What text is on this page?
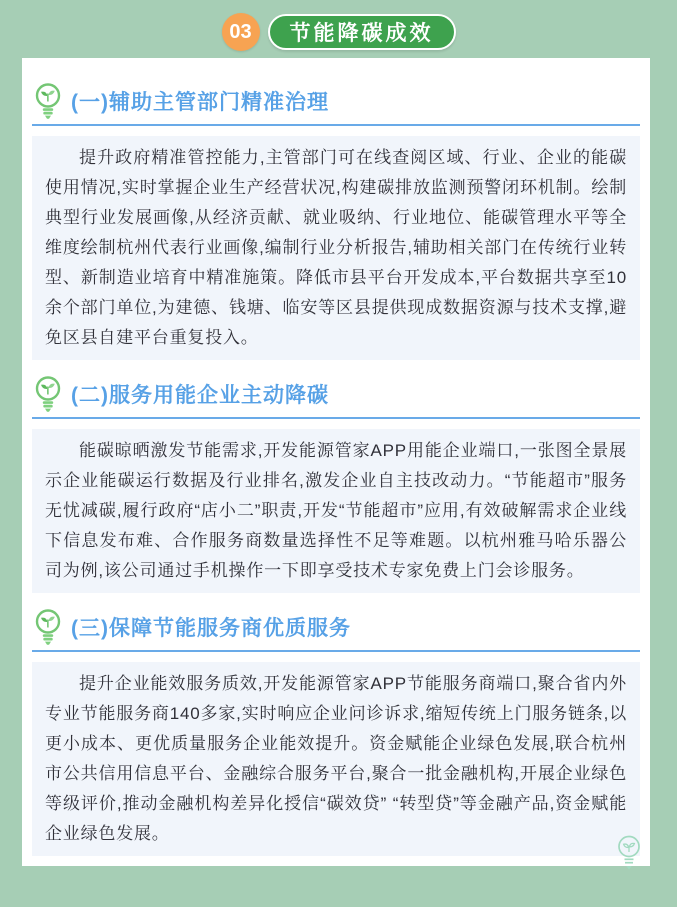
03	节能降碳成效
(一)辅助主管部门精准治理

提升政府精准管控能力,主管部门可在线查阅区域、行业、企业的能碳使用情况,实时掌握企业生产经营状况,构建碳排放监测预警闭环机制。绘制典型行业发展画像,从经济贡献、就业吸纳、行业地位、能碳管理水平等全维度绘制杭州代表行业画像,编制行业分析报告,辅助相关部门在传统行业转型、新制造业培育中精准施策。降低市县平台开发成本,平台数据共享至10余个部门单位,为建德、钱塘、临安等区县提供现成数据资源与技术支撑,避免区县自建平台重复投入。

(二)服务用能企业主动降碳

能碳晾晒激发节能需求,开发能源管家APP用能企业端口,一张图全景展示企业能碳运行数据及行业排名,激发企业自主技改动力。“节能超市”服务无忧减碳,履行政府“店小二”职责,开发“节能超市”应用,有效破解需求企业线下信息发布难、合作服务商数量选择性不足等难题。以杭州雅马哈乐器公司为例,该公司通过手机操作一下即享受技术专家免费上门会诊服务。

(三)保障节能服务商优质服务

提升企业能效服务质效,开发能源管家APP节能服务商端口,聚合省内外专业节能服务商140多家,实时响应企业问诊诉求,缩短传统上门服务链条,以更小成本、更优质量服务企业能效提升。资金赋能企业绿色发展,联合杭州市公共信用信息平台、金融综合服务平台,聚合一批金融机构,开展企业绿色等级评价,推动金融机构差异化授信“碳效贷” “转型贷”等金融产品,资金赋能企业绿色发展。
